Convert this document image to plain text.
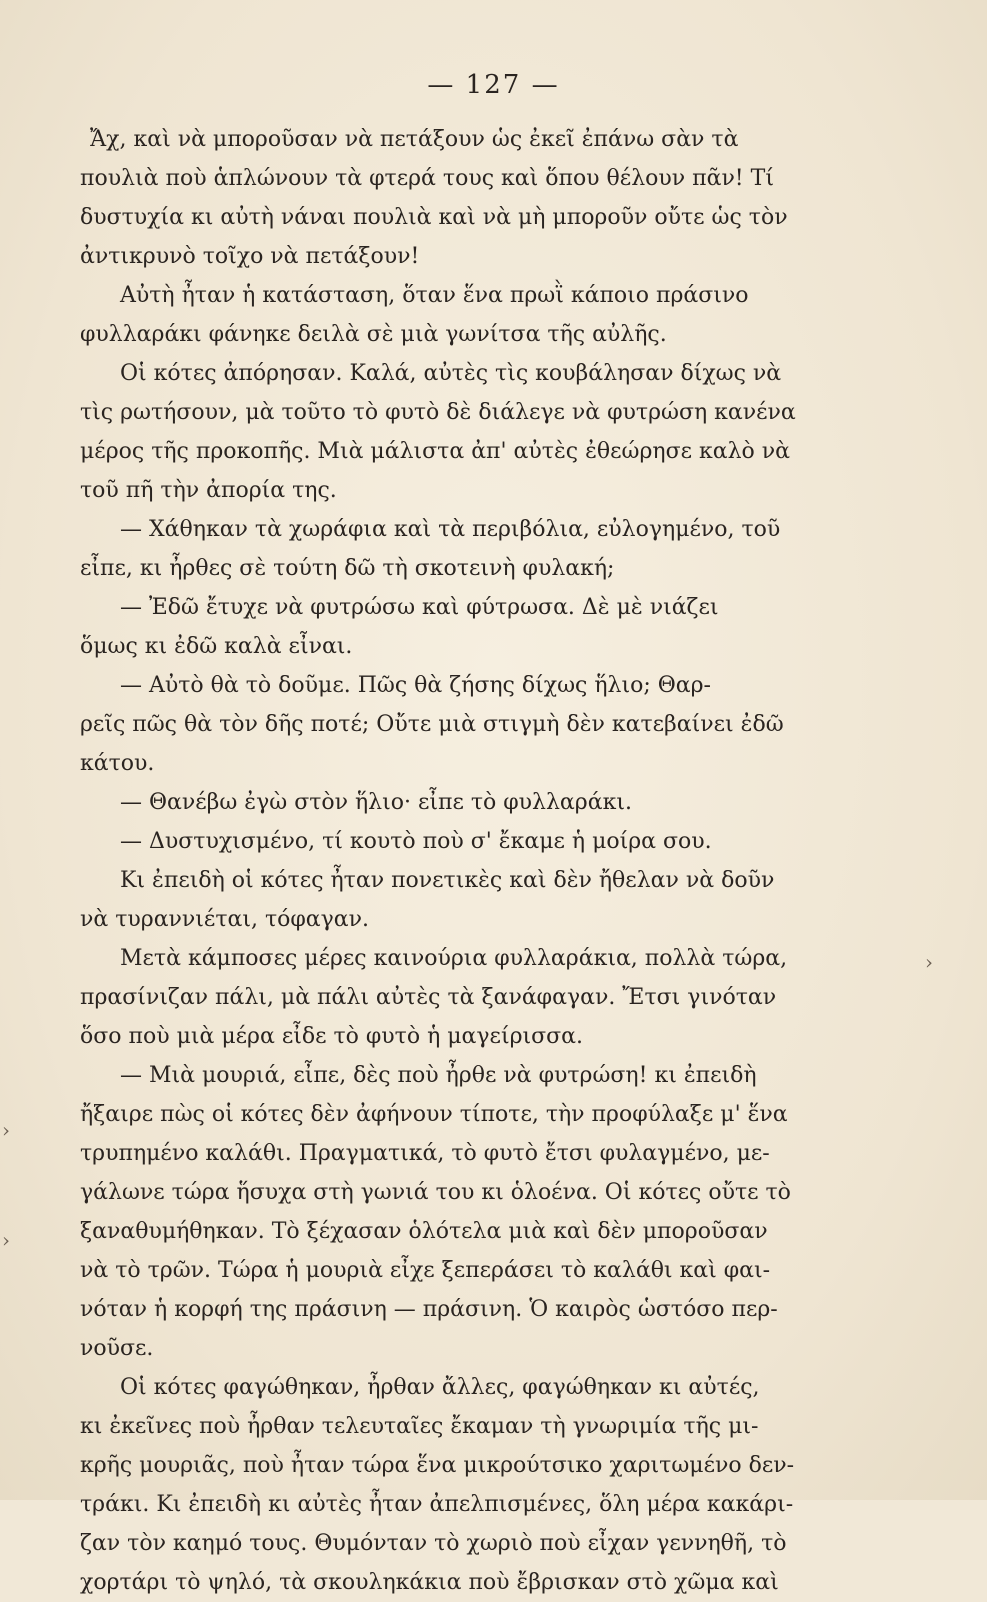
— 127 —
Ἄχ, καὶ νὰ μποροῦσαν νὰ πετάξουν ὡς ἐκεῖ ἐπάνω σὰν τὰ
πουλιὰ ποὺ ἁπλώνουν τὰ φτερά τους καὶ ὅπου θέλουν πᾶν! Τί
δυστυχία κι αὐτὴ νάναι πουλιὰ καὶ νὰ μὴ μποροῦν οὔτε ὡς τὸν
ἀντικρυνὸ τοῖχο νὰ πετάξουν!
Αὐτὴ ἦταν ἡ κατάσταση, ὅταν ἕνα πρωῒ κάποιο πράσινο
φυλλαράκι φάνηκε δειλὰ σὲ μιὰ γωνίτσα τῆς αὐλῆς.
Οἱ κότες ἀπόρησαν. Καλά, αὐτὲς τὶς κουβάλησαν δίχως νὰ
τὶς ρωτήσουν, μὰ τοῦτο τὸ φυτὸ δὲ διάλεγε νὰ φυτρώση κανένα
μέρος τῆς προκοπῆς. Μιὰ μάλιστα ἀπ' αὐτὲς ἐθεώρησε καλὸ νὰ
τοῦ πῆ τὴν ἀπορία της.
— Χάθηκαν τὰ χωράφια καὶ τὰ περιβόλια, εὐλογημένο, τοῦ
εἶπε, κι ἦρθες σὲ τούτη δῶ τὴ σκοτεινὴ φυλακή;
— Ἐδῶ ἔτυχε νὰ φυτρώσω καὶ φύτρωσα. Δὲ μὲ νιάζει
ὅμως κι ἐδῶ καλὰ εἶναι.
— Αὐτὸ θὰ τὸ δοῦμε. Πῶς θὰ ζήσης δίχως ἥλιο; Θαρ-
ρεῖς πῶς θὰ τὸν δῆς ποτέ; Οὔτε μιὰ στιγμὴ δὲν κατεβαίνει ἐδῶ
κάτου.
— Θανέβω ἐγὼ στὸν ἥλιο· εἶπε τὸ φυλλαράκι.
— Δυστυχισμένο, τί κουτὸ ποὺ σ' ἔκαμε ἡ μοίρα σου.
Κι ἐπειδὴ οἱ κότες ἦταν πονετικὲς καὶ δὲν ἤθελαν νὰ δοῦν
νὰ τυραννιέται, τόφαγαν.
Μετὰ κάμποσες μέρες καινούρια φυλλαράκια, πολλὰ τώρα,
πρασίνιζαν πάλι, μὰ πάλι αὐτὲς τὰ ξανάφαγαν. Ἔτσι γινόταν
ὅσο ποὺ μιὰ μέρα εἶδε τὸ φυτὸ ἡ μαγείρισσα.
— Μιὰ μουριά, εἶπε, δὲς ποὺ ἦρθε νὰ φυτρώση! κι ἐπειδὴ
ἤξαιρε πὼς οἱ κότες δὲν ἀφήνουν τίποτε, τὴν προφύλαξε μ' ἕνα
τρυπημένο καλάθι. Πραγματικά, τὸ φυτὸ ἔτσι φυλαγμένο, με-
γάλωνε τώρα ἥσυχα στὴ γωνιά του κι ὁλοένα. Οἱ κότες οὔτε τὸ
ξαναθυμήθηκαν. Τὸ ξέχασαν ὁλότελα μιὰ καὶ δὲν μποροῦσαν
νὰ τὸ τρῶν. Τώρα ἡ μουριὰ εἶχε ξεπεράσει τὸ καλάθι καὶ φαι-
νόταν ἡ κορφή της πράσινη — πράσινη. Ὁ καιρὸς ὡστόσο περ-
νοῦσε.
Οἱ κότες φαγώθηκαν, ἦρθαν ἄλλες, φαγώθηκαν κι αὐτές,
κι ἐκεῖνες ποὺ ἦρθαν τελευταῖες ἔκαμαν τὴ γνωριμία τῆς μι-
κρῆς μουριᾶς, ποὺ ἦταν τώρα ἕνα μικρούτσικο χαριτωμένο δεν-
τράκι. Κι ἐπειδὴ κι αὐτὲς ἦταν ἀπελπισμένες, ὅλη μέρα κακάρι-
ζαν τὸν καημό τους. Θυμόνταν τὸ χωριὸ ποὺ εἶχαν γεννηθῆ, τὸ
χορτάρι τὸ ψηλό, τὰ σκουληκάκια ποὺ ἔβρισκαν στὸ χῶμα καὶ
›
›
›
